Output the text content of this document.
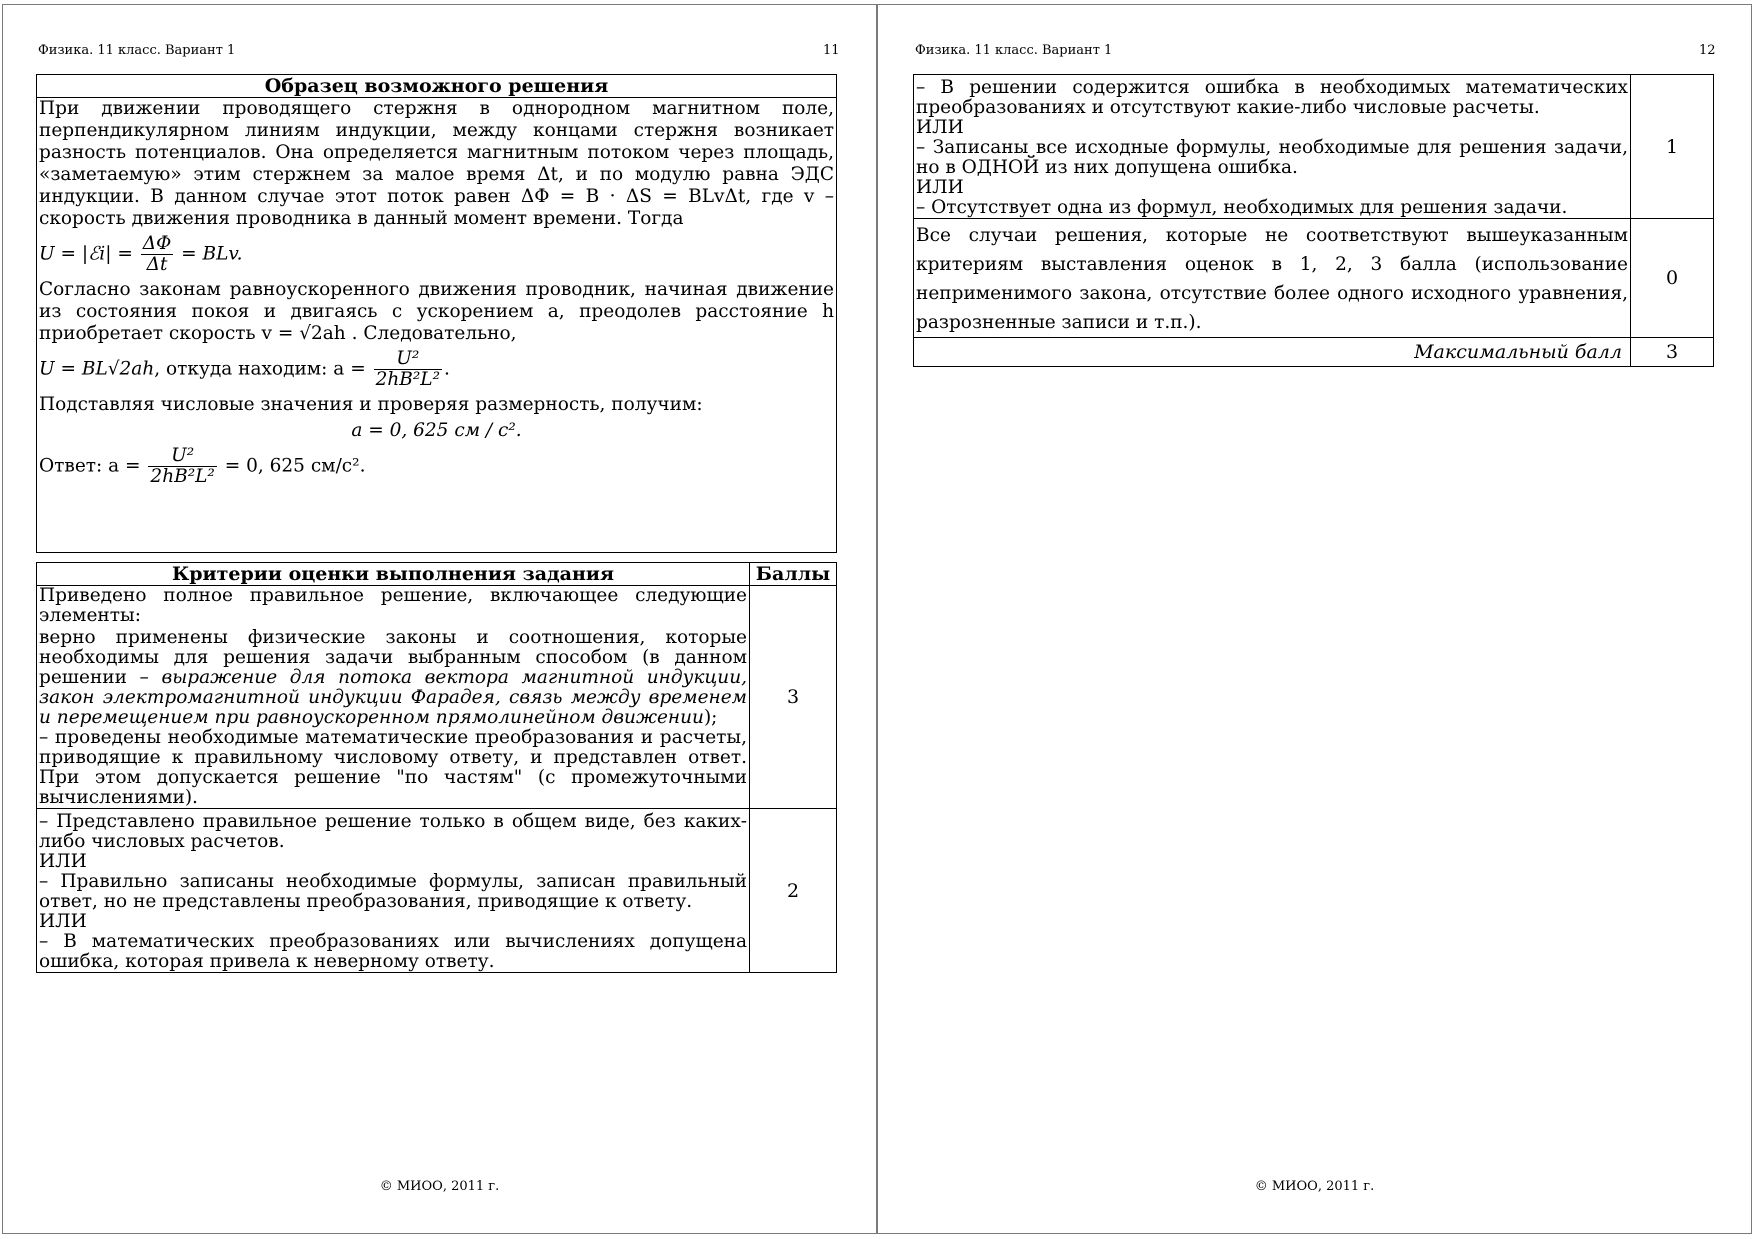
Физика. 11 класс. Вариант 1	11
Образец возможного решения

При движении проводящего стержня в однородном магнитном поле, перпендикулярном линиям индукции, между концами стержня возникает разность потенциалов. Она определяется магнитным потоком через площадь, «заметаемую» этим стержнем за малое время Δt, и по модулю равна ЭДС индукции. В данном случае этот поток равен ΔΦ = B · ΔS = BLvΔt, где v – скорость движения проводника в данный момент времени. Тогда

U = |ℰi| = $\frac{\Delta\Phi}{\Delta t}$ = BLv.

Согласно законам равноускоренного движения проводник, начиная движение из состояния покоя и двигаясь с ускорением a, преодолев расстояние h приобретает скорость v = √2ah . Следовательно,

U = BL√2ah, откуда находим: $a = \frac{\text{U²}}{\text{2hB²L²}}$ .

Подставляя числовые значения и проверяя размерность, получим:

a = 0, 625 см / с².

Ответ: $a = \frac{\text{U²}}{\text{2hB²L²}} = 0$, 625 см/с².

Критерии оценки выполнения задания	Баллы

Приведено полное правильное решение, включающее следующие элементы:

верно применены физические законы и соотношения, которые необходимы для решения задачи выбранным способом (в данном решении – выражение для потока вектора магнитной индукции, закон электромагнитной индукции Фарадея, связь между временем и перемещением при равноускоренном прямолинейном движении);

– проведены необходимые математические преобразования и расчеты, приводящие к правильному числовому ответу, и представлен ответ. При этом допускается решение "по частям" (с промежуточными вычислениями).	3

– Представлено правильное решение только в общем виде, без каких-либо числовых расчетов.

ИЛИ

– Правильно записаны необходимые формулы, записан правильный ответ, но не представлены преобразования, приводящие к ответу.

ИЛИ

– В математических преобразованиях или вычислениях допущена ошибка, которая привела к неверному ответу.	2
© МИОО, 2011 г.
Физика. 11 класс. Вариант 1	12

– В решении содержится ошибка в необходимых математических преобразованиях и отсутствуют какие-либо числовые расчеты.

ИЛИ

– Записаны все исходные формулы, необходимые для решения задачи, но в ОДНОЙ из них допущена ошибка.

ИЛИ

– Отсутствует одна из формул, необходимых для решения задачи.	1
Все случаи решения, которые не соответствуют вышеуказанным критериям выставления оценок в 1, 2, 3 балла (использование неприменимого закона, отсутствие более одного исходного уравнения, разрозненные записи и т.п.).	0
Максимальный балл	3
© МИОО, 2011 г.
